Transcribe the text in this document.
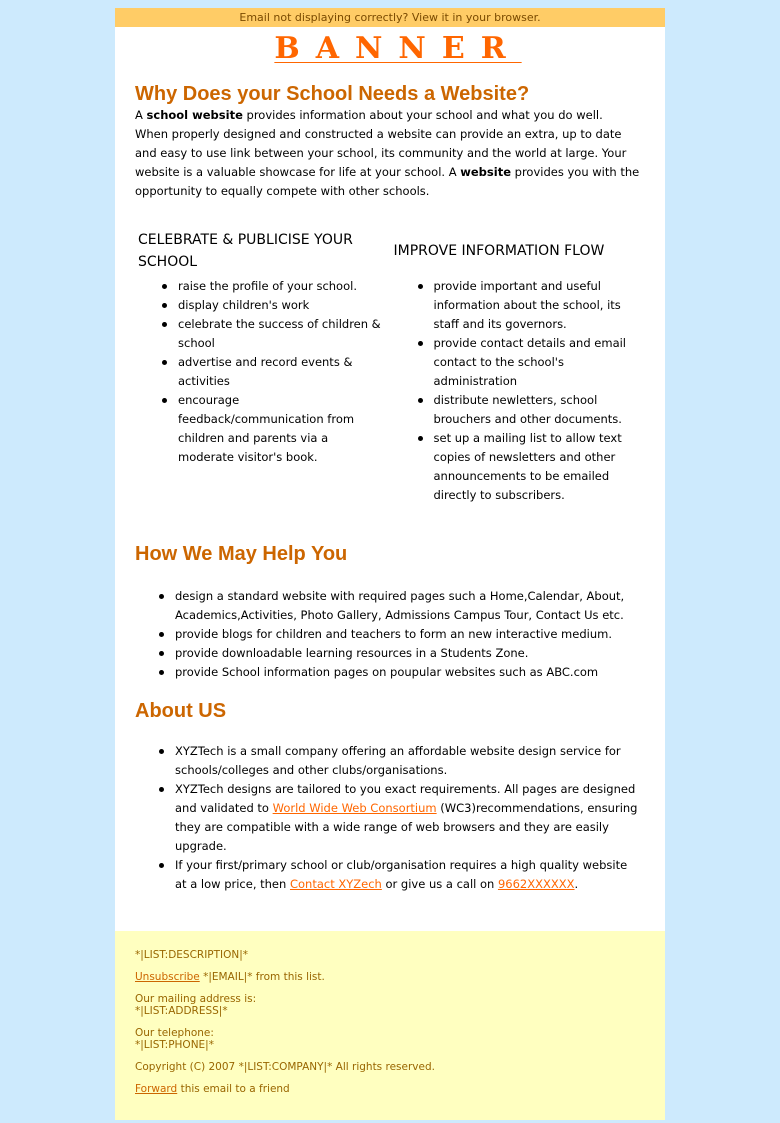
Email not displaying correctly? View it in your browser.
BANNER
Why Does your School Needs a Website?

A school website provides information about your school and what you do well.

When properly designed and constructed a website can provide an extra, up to date and easy to use link between your school, its community and the world at large. Your website is a valuable showcase for life at your school. A website provides you with the opportunity to equally compete with other schools.

CELEBRATE & PUBLICISE YOUR SCHOOL
raise the profile of your school.
display children's work
celebrate the success of children & school
advertise and record events & activities
encourage feedback/communication from children and parents via a moderate visitor's book.
IMPROVE INFORMATION FLOW
provide important and useful information about the school, its staff and its governors.
provide contact details and email contact to the school's administration
distribute newletters, school brouchers and other documents.
set up a mailing list to allow text copies of newsletters and other announcements to be emailed directly to subscribers.
How We May Help You
design a standard website with required pages such a Home,Calendar, About, Academics,Activities, Photo Gallery, Admissions Campus Tour, Contact Us etc.
provide blogs for children and teachers to form an new interactive medium.
provide downloadable learning resources in a Students Zone.
provide School information pages on poupular websites such as ABC.com
About US
XYZTech is a small company offering an affordable website design service for schools/colleges and other clubs/organisations.
XYZTech designs are tailored to you exact requirements. All pages are designed and validated to World Wide Web Consortium (WC3)recommendations, ensuring they are compatible with a wide range of web browsers and they are easily upgrade.
If your first/primary school or club/organisation requires a high quality website at a low price, then Contact XYZech or give us a call on 9662XXXXXX.
*|LIST:DESCRIPTION|*
Unsubscribe *|EMAIL|* from this list.
Our mailing address is:
*|LIST:ADDRESS|*
Our telephone:
*|LIST:PHONE|*
Copyright (C) 2007 *|LIST:COMPANY|* All rights reserved.
Forward this email to a friend
